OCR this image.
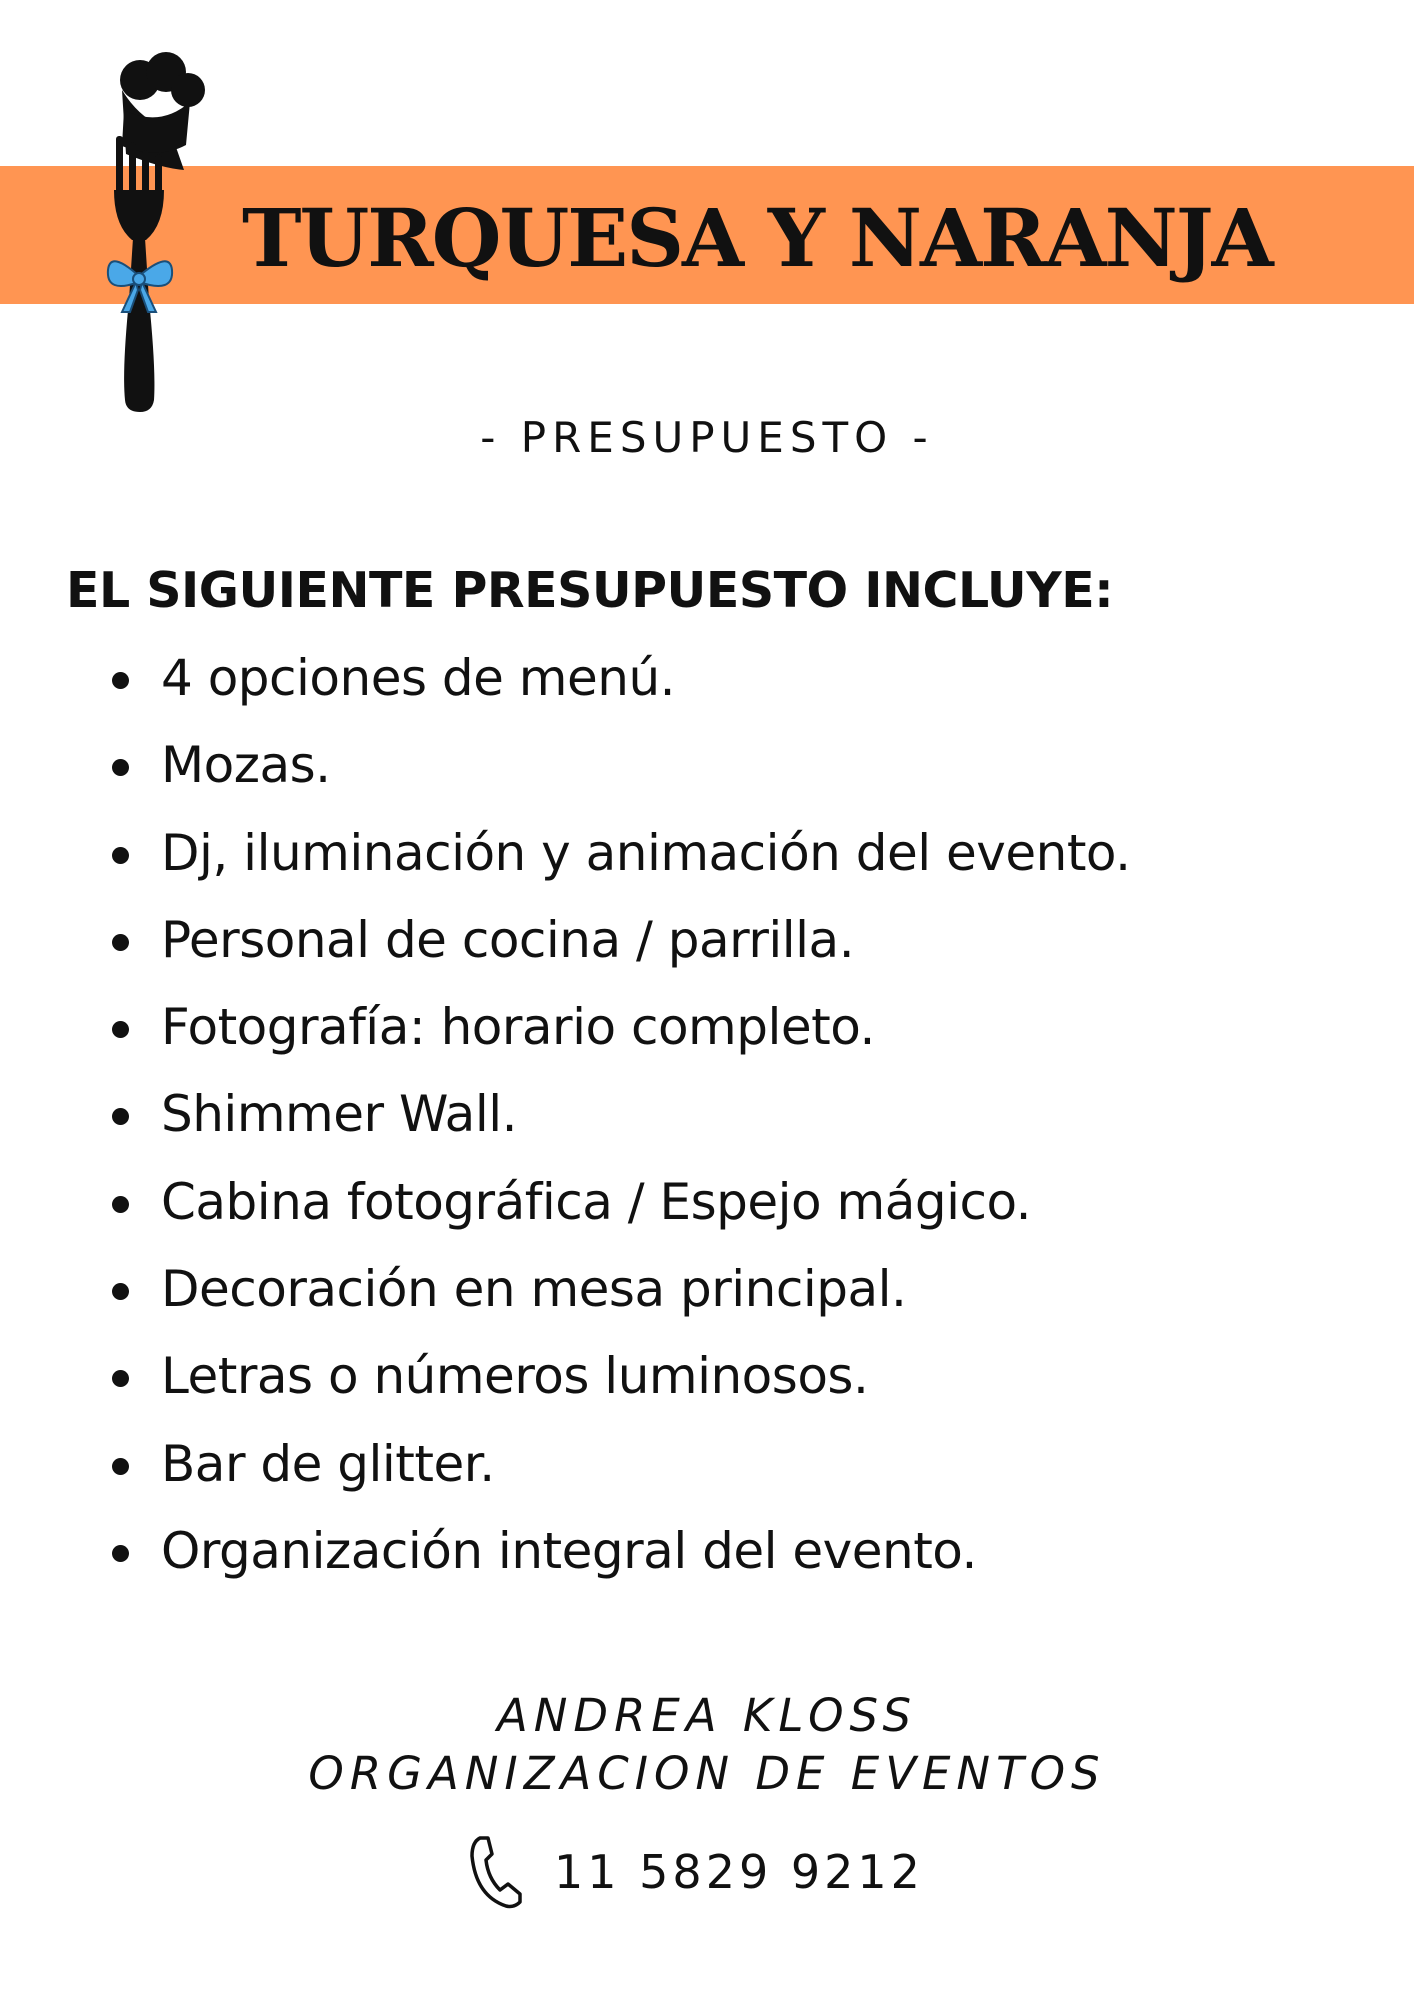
TURQUESA Y NARANJA

- PRESUPUESTO -

EL SIGUIENTE PRESUPUESTO INCLUYE:
4 opciones de menú.
Mozas.
Dj, iluminación y animación del evento.
Personal de cocina / parrilla.
Fotografía: horario completo.
Shimmer Wall.
Cabina fotográfica / Espejo mágico.
Decoración en mesa principal.
Letras o números luminosos.
Bar de glitter.
Organización integral del evento.

ANDREA KLOSS

ORGANIZACION DE EVENTOS

11 5829 9212
